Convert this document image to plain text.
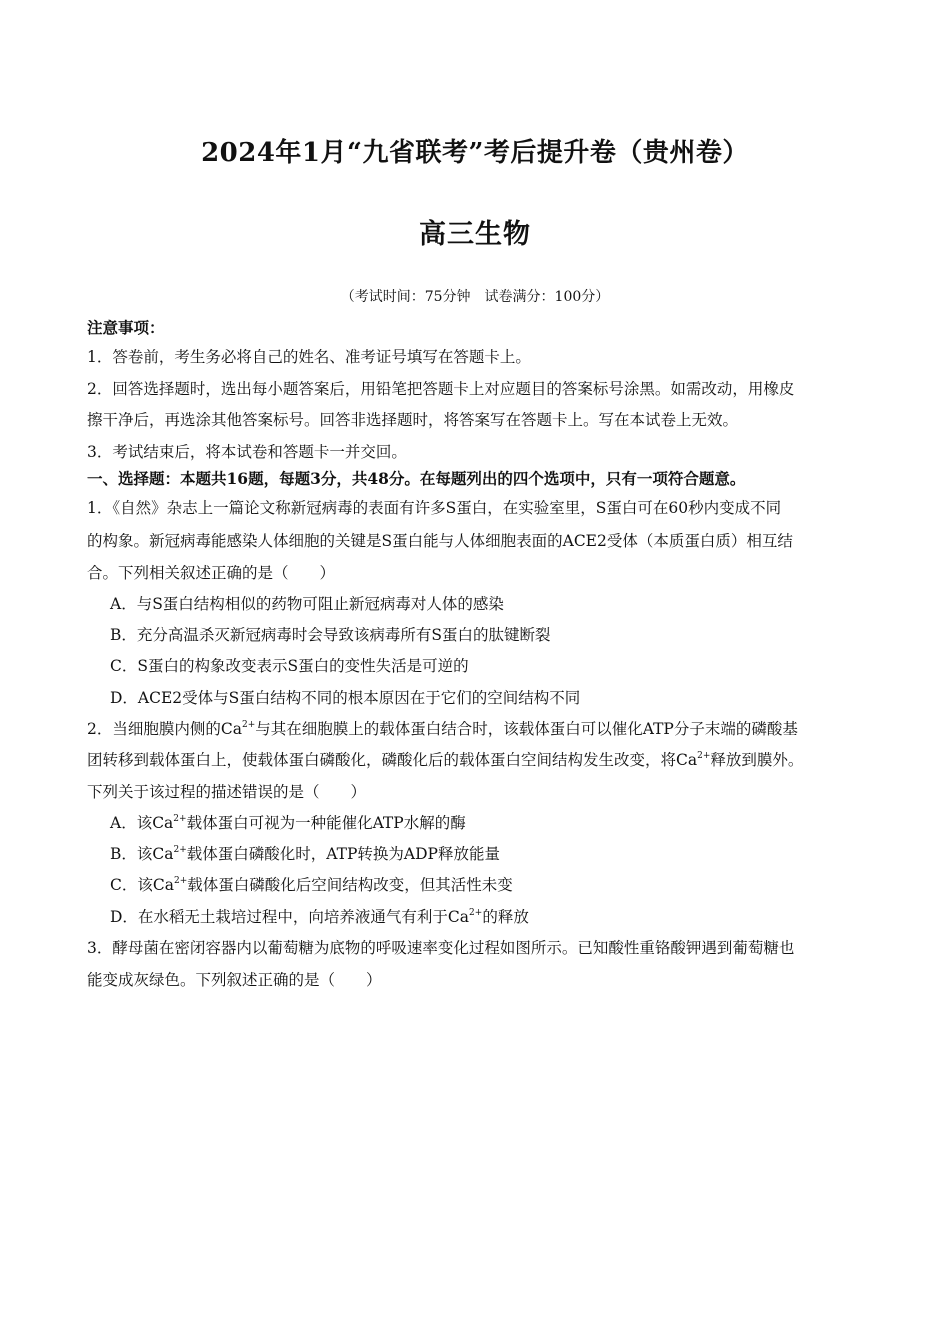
2024年1月“九省联考”考后提升卷（贵州卷）
高三生物
（考试时间：75分钟　试卷满分：100分）
注意事项：
1．答卷前，考生务必将自己的姓名、准考证号填写在答题卡上。
2．回答选择题时，选出每小题答案后，用铅笔把答题卡上对应题目的答案标号涂黑。如需改动，用橡皮
擦干净后，再选涂其他答案标号。回答非选择题时，将答案写在答题卡上。写在本试卷上无效。
3．考试结束后，将本试卷和答题卡一并交回。
一、选择题：本题共16题，每题3分，共48分。在每题列出的四个选项中，只有一项符合题意。
1．《自然》杂志上一篇论文称新冠病毒的表面有许多S蛋白，在实验室里，S蛋白可在60秒内变成不同
的构象。新冠病毒能感染人体细胞的关键是S蛋白能与人体细胞表面的ACE2受体（本质蛋白质）相互结
合。下列相关叙述正确的是（　　）
A．与S蛋白结构相似的药物可阻止新冠病毒对人体的感染
B．充分高温杀灭新冠病毒时会导致该病毒所有S蛋白的肽键断裂
C．S蛋白的构象改变表示S蛋白的变性失活是可逆的
D．ACE2受体与S蛋白结构不同的根本原因在于它们的空间结构不同
2．当细胞膜内侧的$Ca^{2+}$与其在细胞膜上的载体蛋白结合时，该载体蛋白可以催化ATP分子末端的磷酸基
团转移到载体蛋白上，使载体蛋白磷酸化，磷酸化后的载体蛋白空间结构发生改变，将$Ca^{2+}$释放到膜外。
下列关于该过程的描述错误的是（　　）
A．该$Ca^{2+}$载体蛋白可视为一种能催化ATP水解的酶
B．该$Ca^{2+}$载体蛋白磷酸化时，ATP转换为ADP释放能量
C．该$Ca^{2+}$载体蛋白磷酸化后空间结构改变，但其活性未变
D．在水稻无土栽培过程中，向培养液通气有利于$Ca^{2+}$的释放
3．酵母菌在密闭容器内以葡萄糖为底物的呼吸速率变化过程如图所示。已知酸性重铬酸钾遇到葡萄糖也
能变成灰绿色。下列叙述正确的是（　　）
